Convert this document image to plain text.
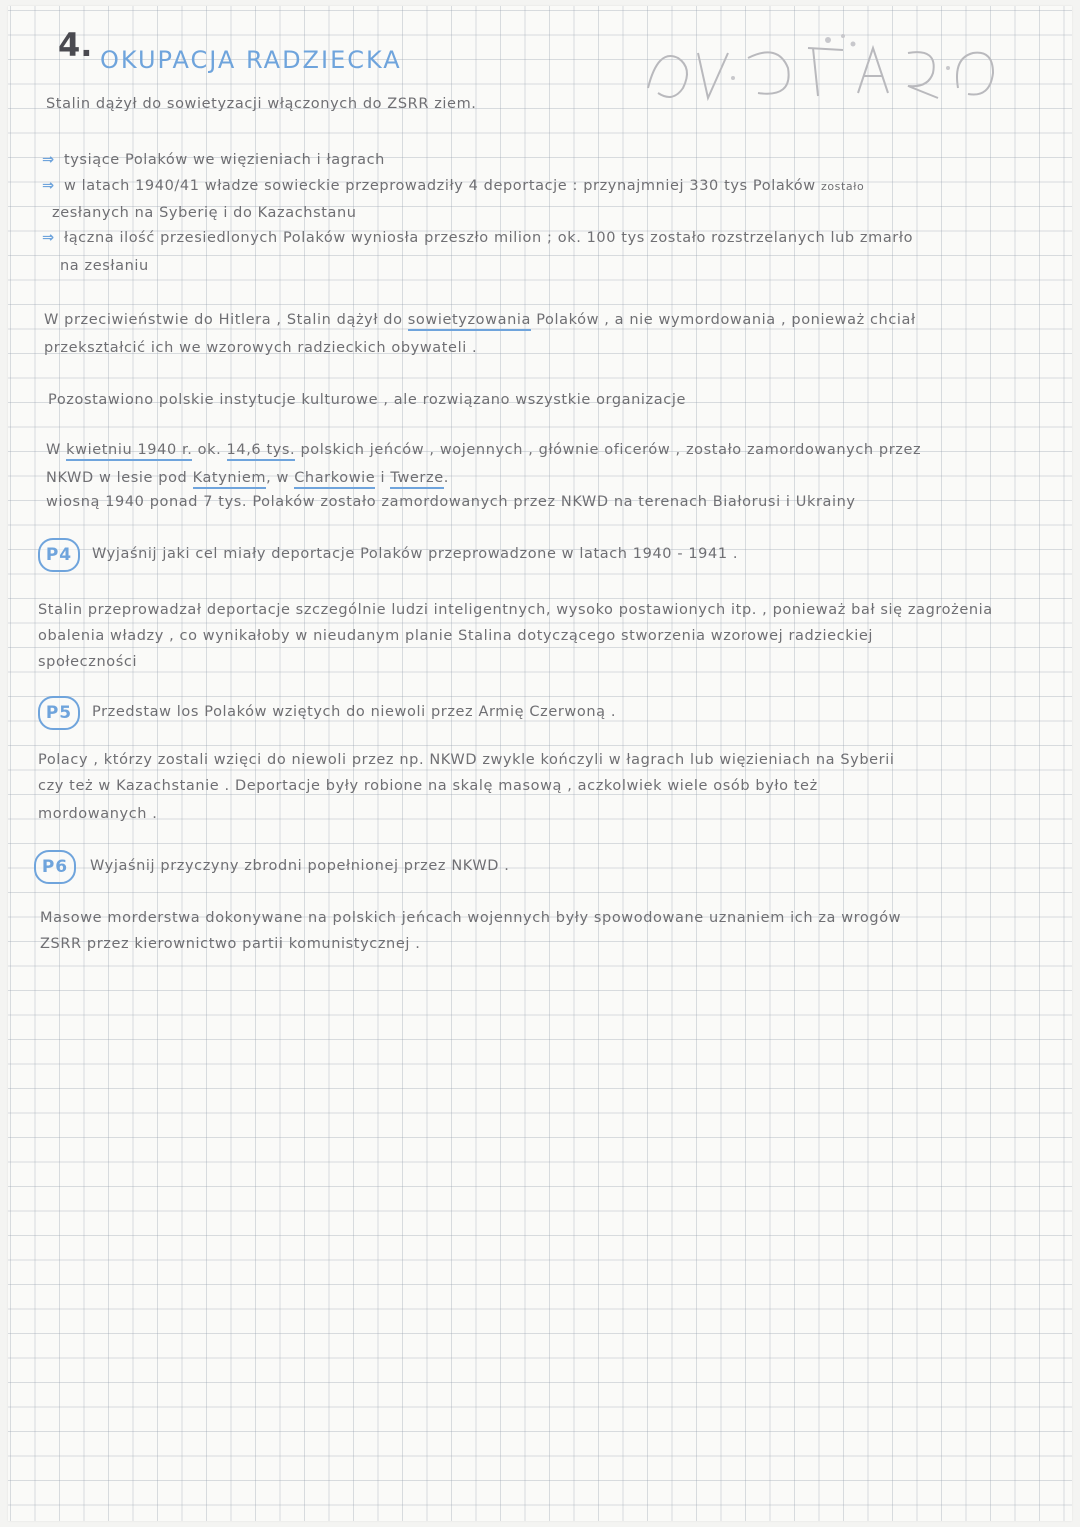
4. OKUPACJA RADZIECKA
Stalin dążył do sowietyzacji włączonych do ZSRR ziem.
⇒ tysiące Polaków we więzieniach i łagrach
⇒ w latach 1940/41 władze sowieckie przeprowadziły 4 deportacje : przynajmniej 330 tys Polaków zostało
zesłanych na Syberię i do Kazachstanu
⇒ łączna ilość przesiedlonych Polaków wyniosła przeszło milion ; ok. 100 tys zostało rozstrzelanych lub zmarło
na zesłaniu
W przeciwieństwie do Hitlera , Stalin dążył do sowietyzowania Polaków , a nie wymordowania , ponieważ chciał
przekształcić ich we wzorowych radzieckich obywateli .
Pozostawiono polskie instytucje kulturowe , ale rozwiązano wszystkie organizacje
W kwietniu 1940 r. ok. 14,6 tys. polskich jeńców , wojennych , głównie oficerów , zostało zamordowanych przez
NKWD w lesie pod Katyniem, w Charkowie i Twerze.
wiosną 1940 ponad 7 tys. Polaków zostało zamordowanych przez NKWD na terenach Białorusi i Ukrainy
P4	Wyjaśnij jaki cel miały deportacje Polaków przeprowadzone w latach 1940 - 1941 .
Stalin przeprowadzał deportacje szczególnie ludzi inteligentnych, wysoko postawionych itp. , ponieważ bał się zagrożenia
obalenia władzy , co wynikałoby w nieudanym planie Stalina dotyczącego stworzenia wzorowej radzieckiej
społeczności
P5	Przedstaw los Polaków wziętych do niewoli przez Armię Czerwoną .
Polacy , którzy zostali wzięci do niewoli przez np. NKWD zwykle kończyli w łagrach lub więzieniach na Syberii
czy też w Kazachstanie . Deportacje były robione na skalę masową , aczkolwiek wiele osób było też
mordowanych .
P6	Wyjaśnij przyczyny zbrodni popełnionej przez NKWD .
Masowe morderstwa dokonywane na polskich jeńcach wojennych były spowodowane uznaniem ich za wrogów
ZSRR przez kierownictwo partii komunistycznej .
